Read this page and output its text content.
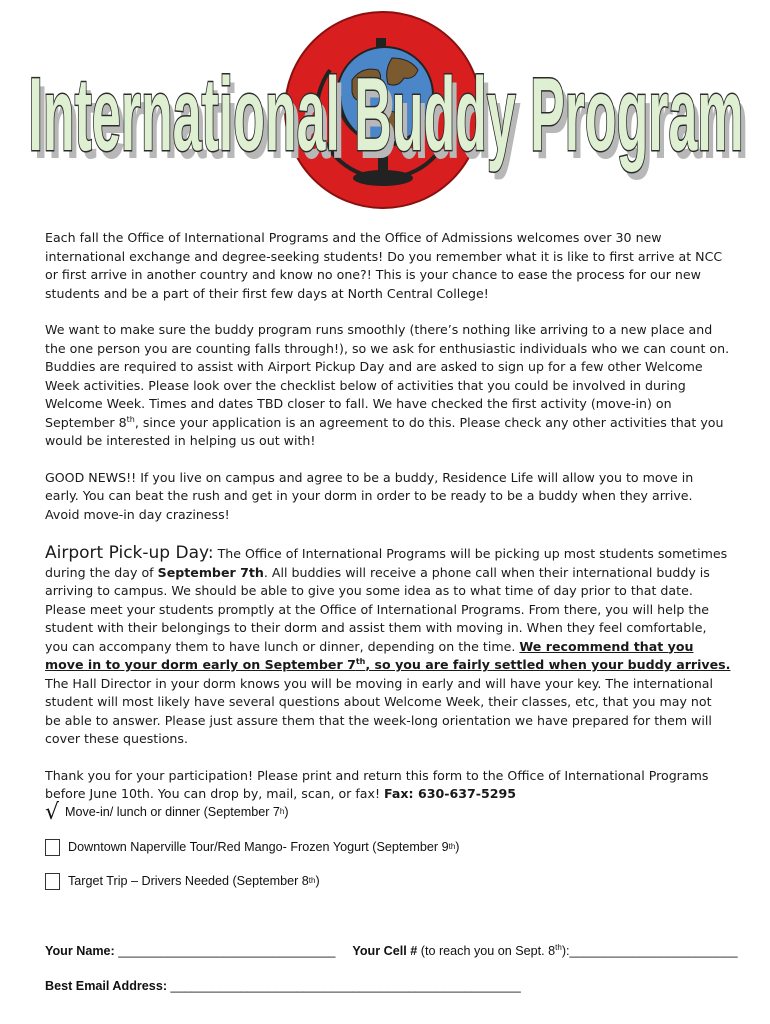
International Buddy Program
International Buddy Program

Each fall the Office of International Programs and the Office of Admissions welcomes over 30 new international exchange and degree-seeking students! Do you remember what it is like to first arrive at NCC or first arrive in another country and know no one?! This is your chance to ease the process for our new students and be a part of their first few days at North Central College!

We want to make sure the buddy program runs smoothly (there’s nothing like arriving to a new place and the one person you are counting falls through!), so we ask for enthusiastic individuals who we can count on. Buddies are required to assist with Airport Pickup Day and are asked to sign up for a few other Welcome Week activities. Please look over the checklist below of activities that you could be involved in during Welcome Week. Times and dates TBD closer to fall. We have checked the first activity (move-in) on September 8th, since your application is an agreement to do this. Please check any other activities that you would be interested in helping us out with!

GOOD NEWS!! If you live on campus and agree to be a buddy, Residence Life will allow you to move in early. You can beat the rush and get in your dorm in order to be ready to be a buddy when they arrive. Avoid move-in day craziness!

Airport Pick-up Day: The Office of International Programs will be picking up most students sometimes during the day of September 7th. All buddies will receive a phone call when their international buddy is arriving to campus. We should be able to give you some idea as to what time of day prior to that date. Please meet your students promptly at the Office of International Programs. From there, you will help the student with their belongings to their dorm and assist them with moving in. When they feel comfortable, you can accompany them to have lunch or dinner, depending on the time. We recommend that you move in to your dorm early on September 7th, so you are fairly settled when your buddy arrives. The Hall Director in your dorm knows you will be moving in early and will have your key. The international student will most likely have several questions about Welcome Week, their classes, etc, that you may not be able to answer. Please just assure them that the week-long orientation we have prepared for them will cover these questions.

Thank you for your participation! Please print and return this form to the Office of International Programs before June 10th. You can drop by, mail, scan, or fax! Fax: 630-637-5295

√ Move-in/ lunch or dinner (September 7 h )
Downtown Naperville Tour/Red Mango- Frozen Yogurt (September 9 th )
Target Trip – Drivers Needed (September 8 th )
Your Name: _______________________________ Your Cell # (to reach you on Sept. 8th):________________________
Best Email Address: __________________________________________________
